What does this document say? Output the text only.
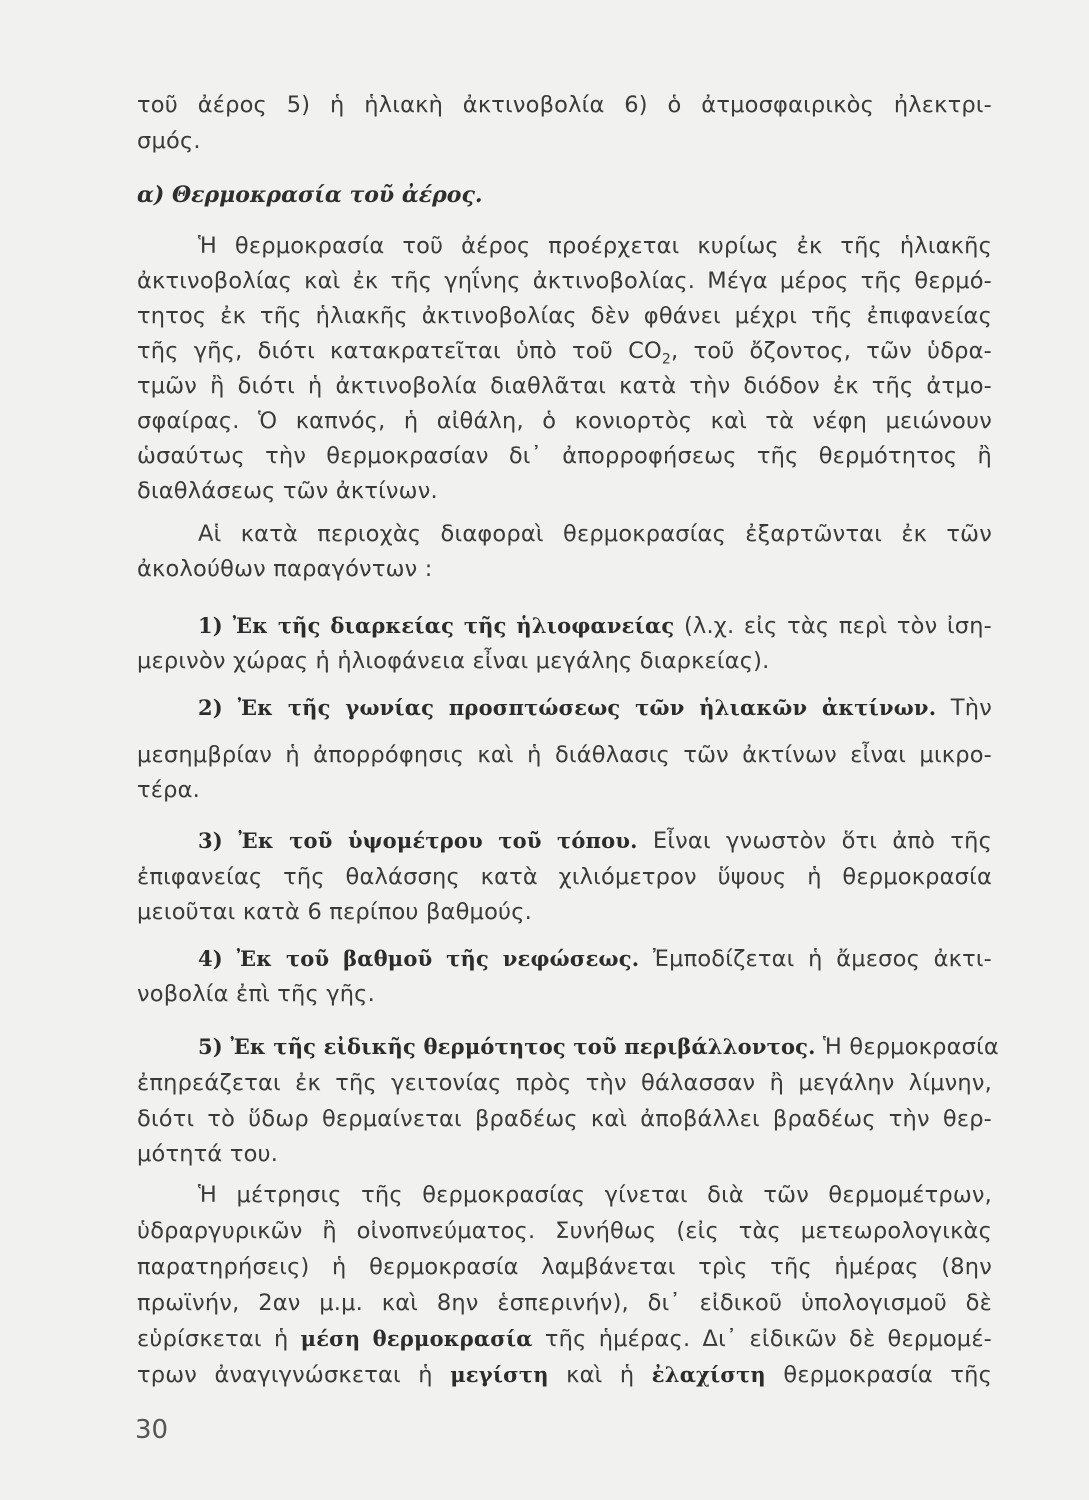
τοῦ ἀέρος 5) ἡ ἡλιακὴ ἀκτινοβολία 6) ὁ ἀτμοσφαιρικὸς ἠλεκτρι-
σμός.
α) Θερμοκρασία τοῦ ἀέρος.
Ἡ θερμοκρασία τοῦ ἀέρος προέρχεται κυρίως ἐκ τῆς ἡλιακῆς
ἀκτινοβολίας καὶ ἐκ τῆς γηΐνης ἀκτινοβολίας. Μέγα μέρος τῆς θερμό-
τητος ἐκ τῆς ἡλιακῆς ἀκτινοβολίας δὲν φθάνει μέχρι τῆς ἐπιφανείας
τῆς γῆς, διότι κατακρατεῖται ὑπὸ τοῦ $CO_2$, τοῦ ὄζοντος, τῶν ὑδρα-
τμῶν ἢ διότι ἡ ἀκτινοβολία διαθλᾶται κατὰ τὴν διόδον ἐκ τῆς ἀτμο-
σφαίρας. Ὁ καπνός, ἡ αἰθάλη, ὁ κονιορτὸς καὶ τὰ νέφη μειώνουν
ὡσαύτως τὴν θερμοκρασίαν δι᾽ ἀπορροφήσεως τῆς θερμότητος ἢ
διαθλάσεως τῶν ἀκτίνων.
Αἱ κατὰ περιοχὰς διαφοραὶ θερμοκρασίας ἐξαρτῶνται ἐκ τῶν
ἀκολούθων παραγόντων :
1) Ἐκ τῆς διαρκείας τῆς ἡλιοφανείας (λ.χ. εἰς τὰς περὶ τὸν ἰση-
μερινὸν χώρας ἡ ἡλιοφάνεια εἶναι μεγάλης διαρκείας).
2) Ἐκ τῆς γωνίας προσπτώσεως τῶν ἡλιακῶν ἀκτίνων. Τὴν
μεσημβρίαν ἡ ἀπορρόφησις καὶ ἡ διάθλασις τῶν ἀκτίνων εἶναι μικρο-
τέρα.
3) Ἐκ τοῦ ὑψομέτρου τοῦ τόπου. Εἶναι γνωστὸν ὅτι ἀπὸ τῆς
ἐπιφανείας τῆς θαλάσσης κατὰ χιλιόμετρον ὕψους ἡ θερμοκρασία
μειοῦται κατὰ 6 περίπου βαθμούς.
4) Ἐκ τοῦ βαθμοῦ τῆς νεφώσεως. Ἐμποδίζεται ἡ ἄμεσος ἀκτι-
νοβολία ἐπὶ τῆς γῆς.
5) Ἐκ τῆς εἰδικῆς θερμότητος τοῦ περιβάλλοντος. Ἡ θερμοκρασία
ἐπηρεάζεται ἐκ τῆς γειτονίας πρὸς τὴν θάλασσαν ἢ μεγάλην λίμνην,
διότι τὸ ὕδωρ θερμαίνεται βραδέως καὶ ἀποβάλλει βραδέως τὴν θερ-
μότητά του.
Ἡ μέτρησις τῆς θερμοκρασίας γίνεται διὰ τῶν θερμομέτρων,
ὑδραργυρικῶν ἢ οἰνοπνεύματος. Συνήθως (εἰς τὰς μετεωρολογικὰς
παρατηρήσεις) ἡ θερμοκρασία λαμβάνεται τρὶς τῆς ἡμέρας (8ην
πρωϊνήν, 2αν μ.μ. καὶ 8ην ἑσπερινήν), δι᾽ εἰδικοῦ ὑπολογισμοῦ δὲ
εὑρίσκεται ἡ μέση θερμοκρασία τῆς ἡμέρας. Δι᾽ εἰδικῶν δὲ θερμομέ-
τρων ἀναγιγνώσκεται ἡ μεγίστη καὶ ἡ ἐλαχίστη θερμοκρασία τῆς
30
